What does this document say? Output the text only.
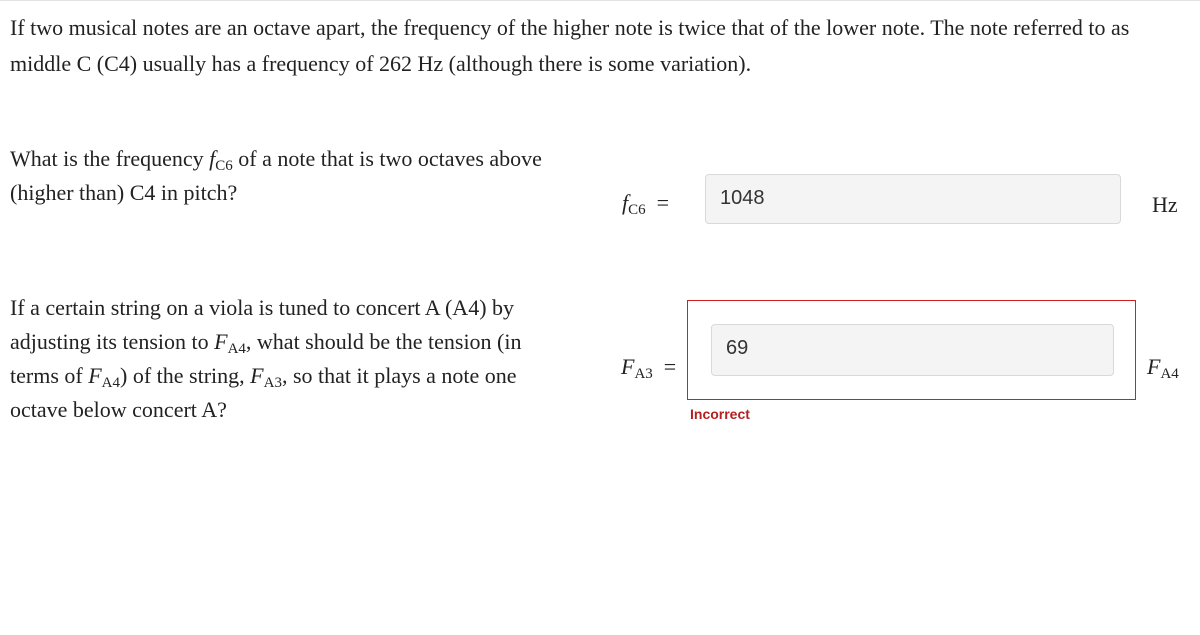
If two musical notes are an octave apart, the frequency of the higher note is twice that of the lower note. The note referred to as middle C (C4) usually has a frequency of 262 Hz (although there is some variation).
What is the frequency $f_{C6}$ of a note that is two octaves above (higher than) C4 in pitch?	$f_{C6}$ =	1048	Hz
If a certain string on a viola is tuned to concert A (A4) by adjusting its tension to $F_{A4}$, what should be the tension (in terms of $F_{A4}$) of the string, $F_{A3}$, so that it plays a note one octave below concert A?
$F_{A3}$ =
69
$F_{A4}$
Incorrect
